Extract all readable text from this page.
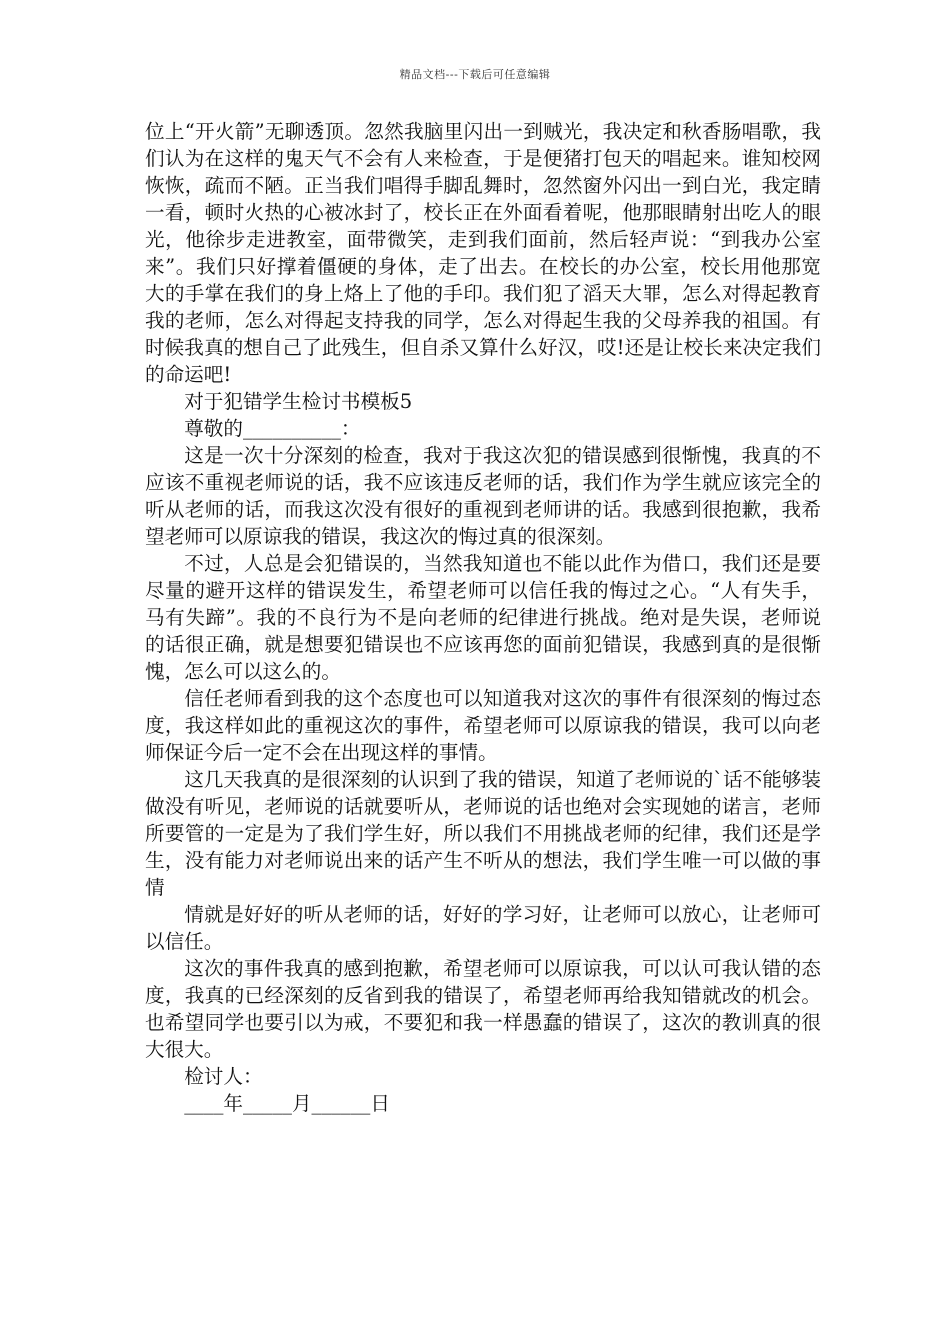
精品文档---下载后可任意编辑

位上“开火箭”无聊透顶。忽然我脑里闪出一到贼光，我决定和秋香肠唱歌，我们认为在这样的鬼天气不会有人来检查，于是便猪打包天的唱起来。谁知校网恢恢，疏而不陋。正当我们唱得手脚乱舞时，忽然窗外闪出一到白光，我定睛一看，顿时火热的心被冰封了，校长正在外面看着呢，他那眼睛射出吃人的眼光，他徐步走进教室，面带微笑，走到我们面前，然后轻声说：“到我办公室来”。我们只好撑着僵硬的身体，走了出去。在校长的办公室，校长用他那宽大的手掌在我们的身上烙上了他的手印。我们犯了滔天大罪，怎么对得起教育我的老师，怎么对得起支持我的同学，怎么对得起生我的父母养我的祖国。有时候我真的想自己了此残生，但自杀又算什么好汉，哎!还是让校长来决定我们的命运吧!

对于犯错学生检讨书模板5

尊敬的__________：

这是一次十分深刻的检查，我对于我这次犯的错误感到很惭愧，我真的不应该不重视老师说的话，我不应该违反老师的话，我们作为学生就应该完全的听从老师的话，而我这次没有很好的重视到老师讲的话。我感到很抱歉，我希望老师可以原谅我的错误，我这次的悔过真的很深刻。

不过，人总是会犯错误的，当然我知道也不能以此作为借口，我们还是要尽量的避开这样的错误发生，希望老师可以信任我的悔过之心。“人有失手，马有失蹄”。我的不良行为不是向老师的纪律进行挑战。绝对是失误，老师说的话很正确，就是想要犯错误也不应该再您的面前犯错误，我感到真的是很惭愧，怎么可以这么的。

信任老师看到我的这个态度也可以知道我对这次的事件有很深刻的悔过态度，我这样如此的重视这次的事件，希望老师可以原谅我的错误，我可以向老师保证今后一定不会在出现这样的事情。

这几天我真的是很深刻的认识到了我的错误，知道了老师说的`话不能够装做没有听见，老师说的话就要听从，老师说的话也绝对会实现她的诺言，老师所要管的一定是为了我们学生好，所以我们不用挑战老师的纪律，我们还是学生，没有能力对老师说出来的话产生不听从的想法，我们学生唯一可以做的事情

情就是好好的听从老师的话，好好的学习好，让老师可以放心，让老师可以信任。

这次的事件我真的感到抱歉，希望老师可以原谅我，可以认可我认错的态度，我真的已经深刻的反省到我的错误了，希望老师再给我知错就改的机会。也希望同学也要引以为戒，不要犯和我一样愚蠢的错误了，这次的教训真的很大很大。

检讨人：

____年_____月______日
